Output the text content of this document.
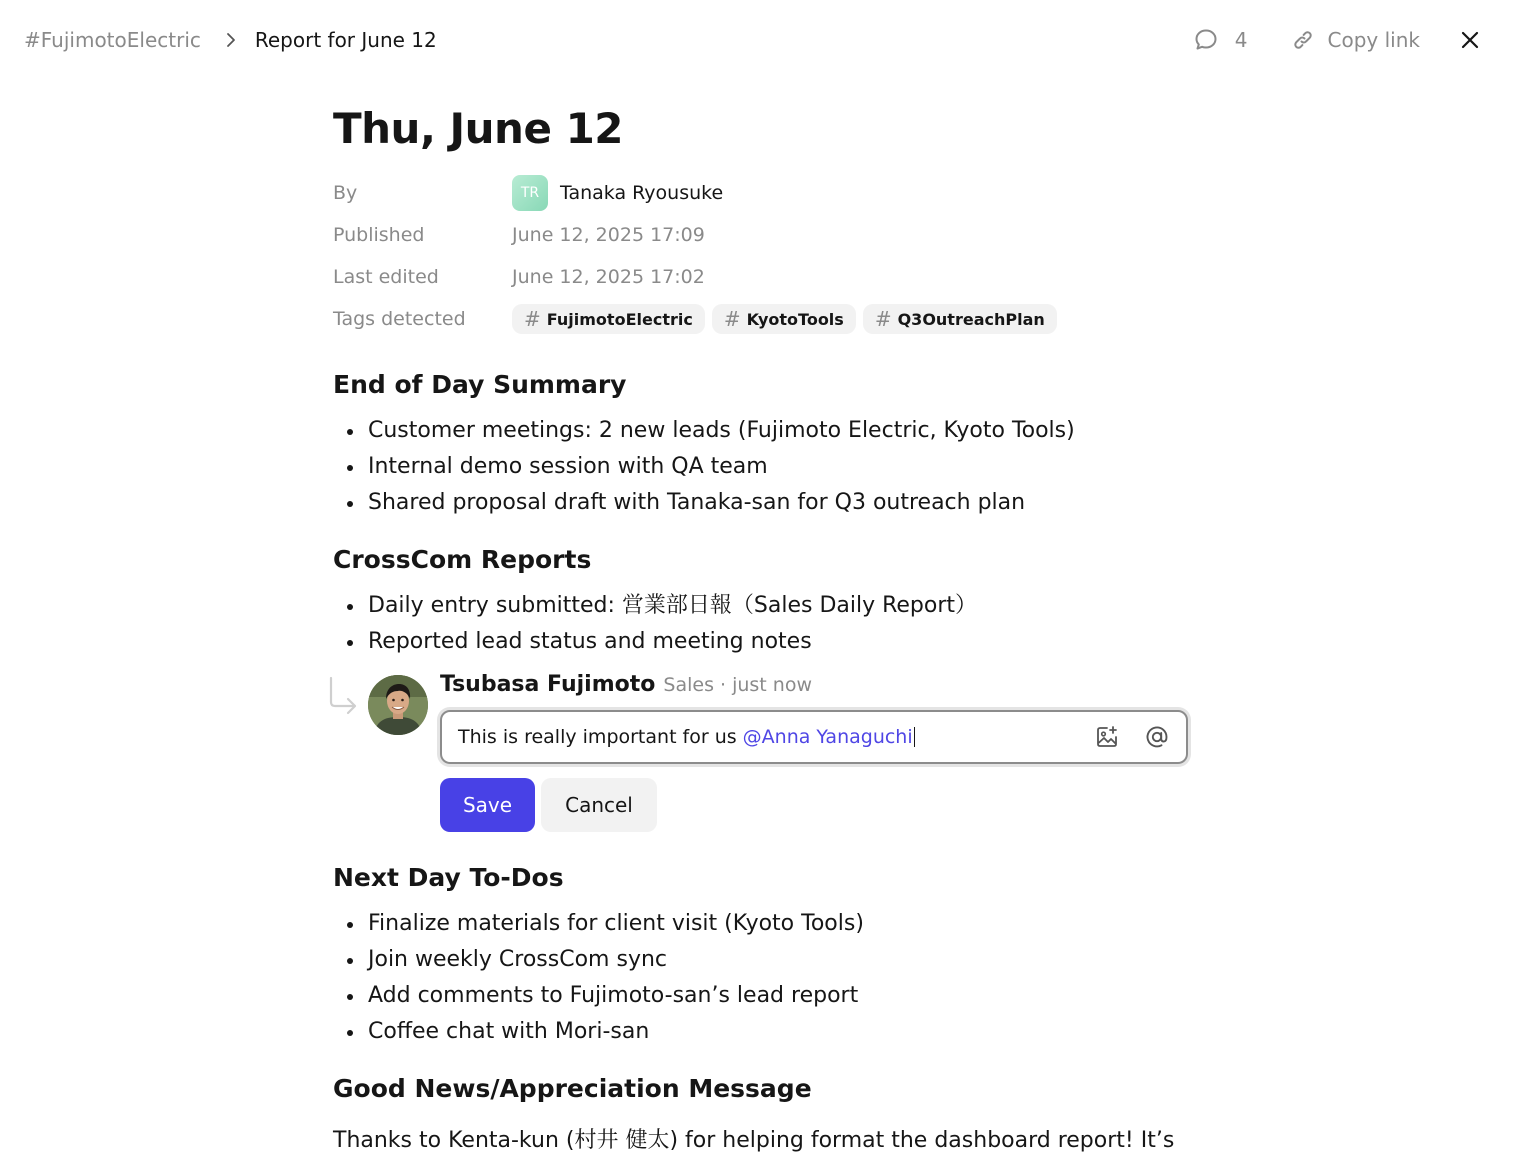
#FujimotoElectric	Report for June 12	4	Copy link
Thu, June 12
By	TR	Tanaka Ryousuke
Published	June 12, 2025 17:09
Last edited	June 12, 2025 17:02
Tags detected	# FujimotoElectric # KyotoTools # Q3OutreachPlan
End of Day Summary
Customer meetings: 2 new leads (Fujimoto Electric, Kyoto Tools)
Internal demo session with QA team
Shared proposal draft with Tanaka-san for Q3 outreach plan
CrossCom Reports
Daily entry submitted: 営業部日報（Sales Daily Report）
Reported lead status and meeting notes
Tsubasa Fujimoto Sales · just now
This is really important for us @Anna Yanaguchi
Save	Cancel
Next Day To-Dos
Finalize materials for client visit (Kyoto Tools)
Join weekly CrossCom sync
Add comments to Fujimoto-san’s lead report
Coffee chat with Mori-san
Good News/Appreciation Message

Thanks to Kenta-kun (村井 健太) for helping format the dashboard report! It’s
